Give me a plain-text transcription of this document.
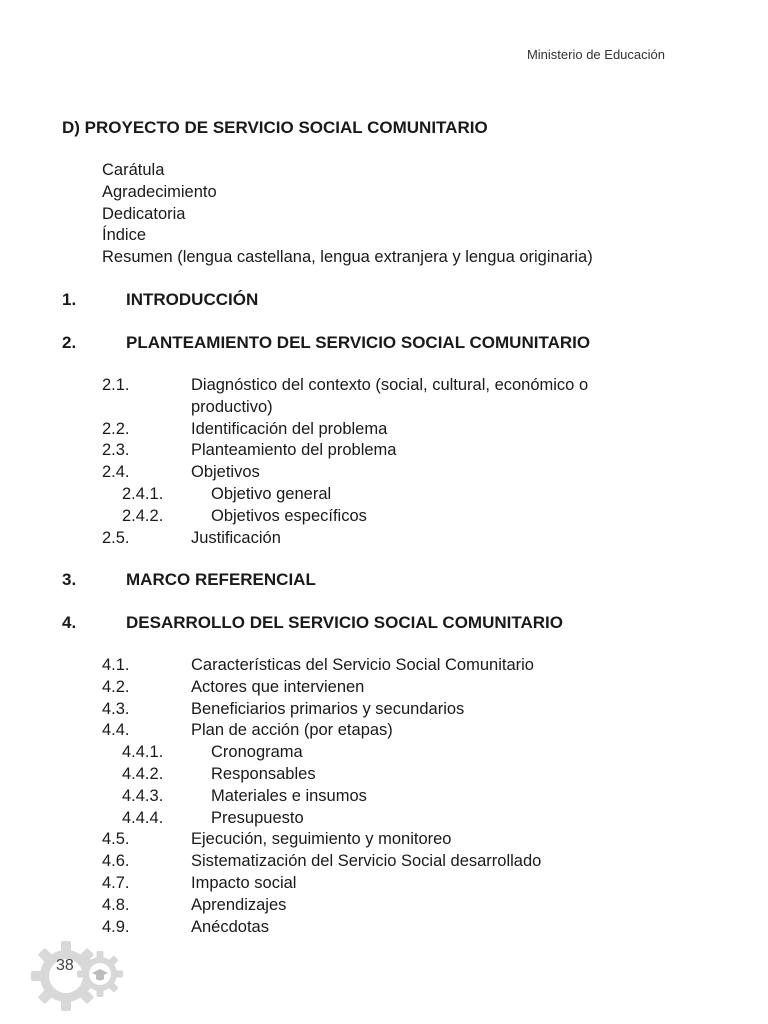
Ministerio de Educación
D) PROYECTO DE SERVICIO SOCIAL COMUNITARIO
Carátula
Agradecimiento
Dedicatoria
Índice
Resumen (lengua castellana, lengua extranjera y lengua originaria)
1.	INTRODUCCIÓN
2.	PLANTEAMIENTO DEL SERVICIO SOCIAL COMUNITARIO
2.1.	Diagnóstico del contexto (social, cultural, económico o productivo)
2.2.	Identificación del problema
2.3.	Planteamiento del problema
2.4.	Objetivos
2.4.1.	Objetivo general
2.4.2.	Objetivos específicos
2.5.	Justificación
3.	MARCO REFERENCIAL
4.	DESARROLLO DEL SERVICIO SOCIAL COMUNITARIO
4.1.	Características del Servicio Social Comunitario
4.2.	Actores que intervienen
4.3.	Beneficiarios primarios y secundarios
4.4.	Plan de acción (por etapas)
4.4.1.	Cronograma
4.4.2.	Responsables
4.4.3.	Materiales e insumos
4.4.4.	Presupuesto
4.5.	Ejecución, seguimiento y monitoreo
4.6.	Sistematización del Servicio Social desarrollado
4.7.	Impacto social
4.8.	Aprendizajes
4.9.	Anécdotas
38
